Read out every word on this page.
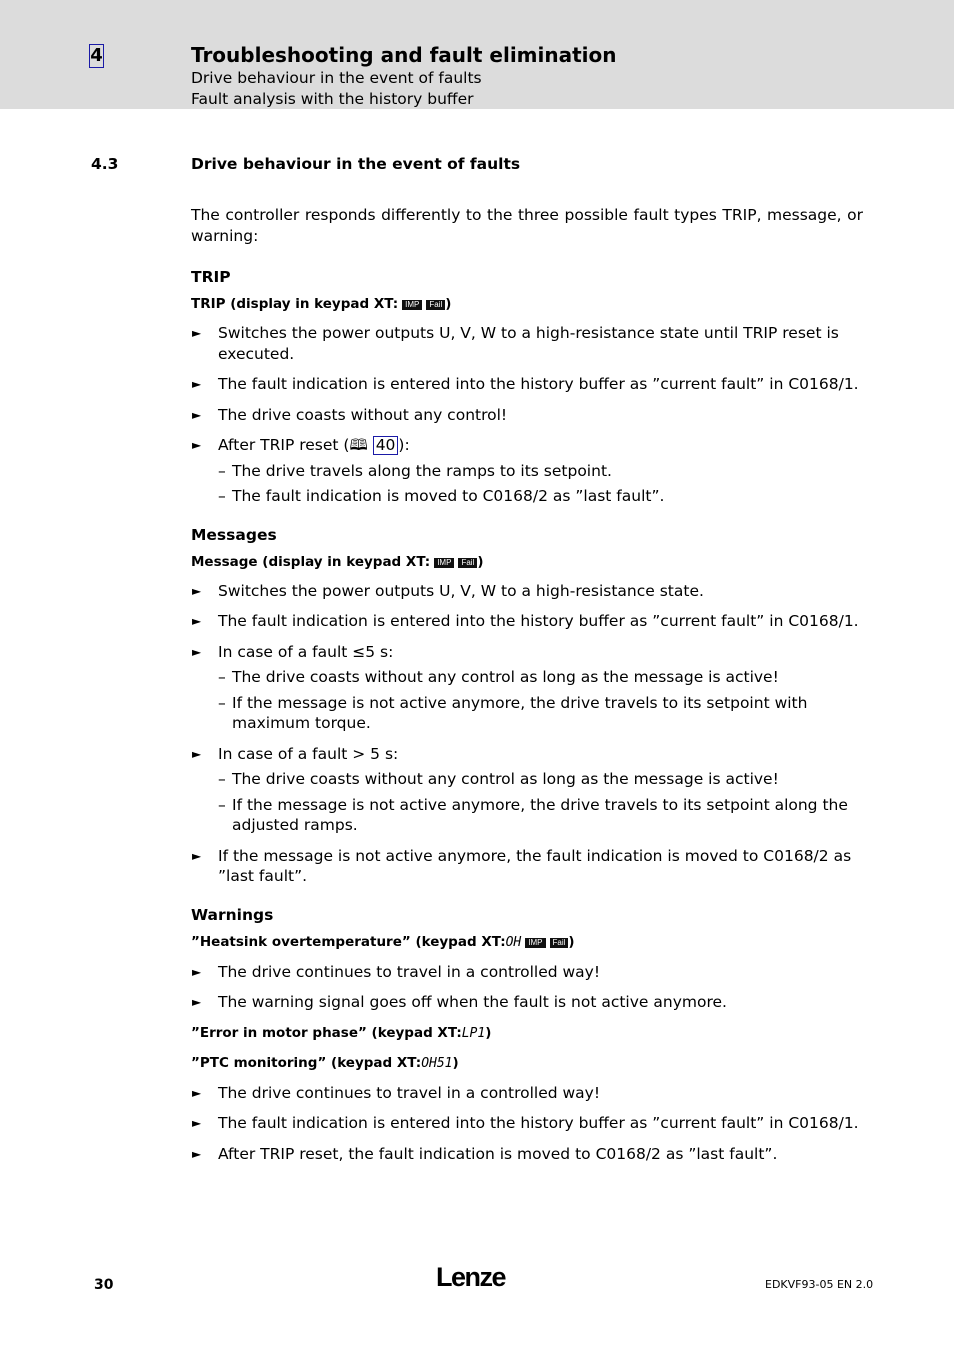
4	Troubleshooting and fault elimination
Drive behaviour in the event of faults
Fault analysis with the history buffer
4.3	Drive behaviour in the event of faults

The controller responds differently to the three possible fault types TRIP, message, or warning:

TRIP
TRIP (display in keypad XT: IMP Fail )
► Switches the power outputs U, V, W to a high-resistance state until TRIP reset is executed.
► The fault indication is entered into the history buffer as ”current fault” in C0168/1.
► The drive coasts without any control!
► After TRIP reset (🕮 40 ):
– The drive travels along the ramps to its setpoint.
– The fault indication is moved to C0168/2 as ”last fault”.
Messages
Message (display in keypad XT: IMP Fail )
► Switches the power outputs U, V, W to a high-resistance state.
► The fault indication is entered into the history buffer as ”current fault” in C0168/1.
► In case of a fault ≤5 s:
– The drive coasts without any control as long as the message is active!
– If the message is not active anymore, the drive travels to its setpoint with maximum torque.
► In case of a fault > 5 s:
– The drive coasts without any control as long as the message is active!
– If the message is not active anymore, the drive travels to its setpoint along the adjusted ramps.
► If the message is not active anymore, the fault indication is moved to C0168/2 as ”last fault”.
Warnings
”Heatsink overtemperature” (keypad XT:OH IMP Fail )
► The drive continues to travel in a controlled way!
► The warning signal goes off when the fault is not active anymore.
”Error in motor phase” (keypad XT:LP1)
”PTC monitoring” (keypad XT:OH51)
► The drive continues to travel in a controlled way!
► The fault indication is entered into the history buffer as ”current fault” in C0168/1.
► After TRIP reset, the fault indication is moved to C0168/2 as ”last fault”.
30	Lenze	EDKVF93-05 EN 2.0
